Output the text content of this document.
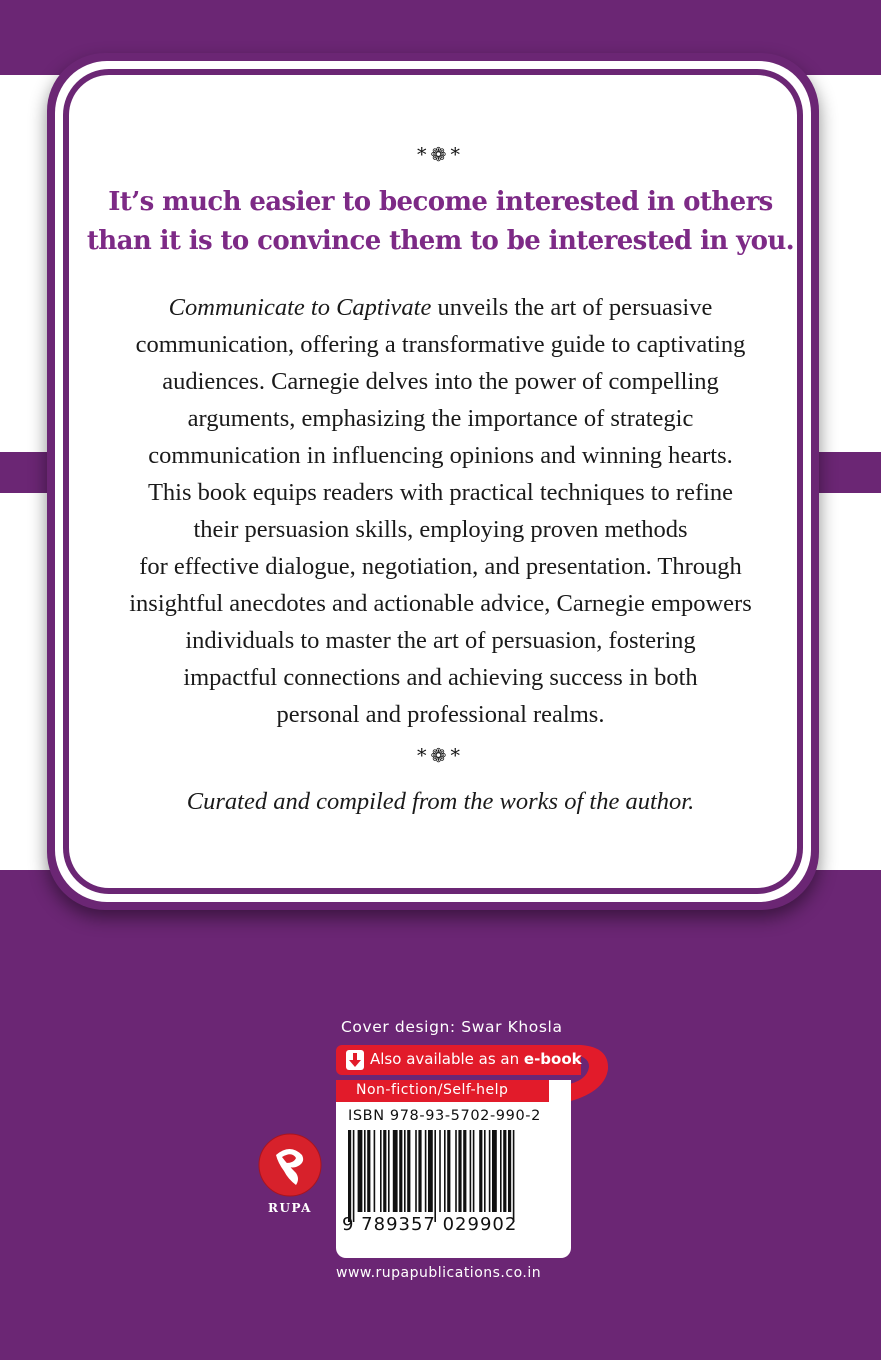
*❁*
It’s much easier to become interested in others
than it is to convince them to be interested in you.

Communicate to Captivate unveils the art of persuasive

communication, offering a transformative guide to captivating

audiences. Carnegie delves into the power of compelling

arguments, emphasizing the importance of strategic

communication in influencing opinions and winning hearts.

This book equips readers with practical techniques to refine

their persuasion skills, employing proven methods

for effective dialogue, negotiation, and presentation. Through

insightful anecdotes and actionable advice, Carnegie empowers

individuals to master the art of persuasion, fostering

impactful connections and achieving success in both

personal and professional realms.

*❁*
Curated and compiled from the works of the author.
Cover design: Swar Khosla
Also available as an e-book
Non-fiction/Self-help
ISBN 978-93-5702-990-2
9 789357 029902
RUPA
www.rupapublications.co.in
